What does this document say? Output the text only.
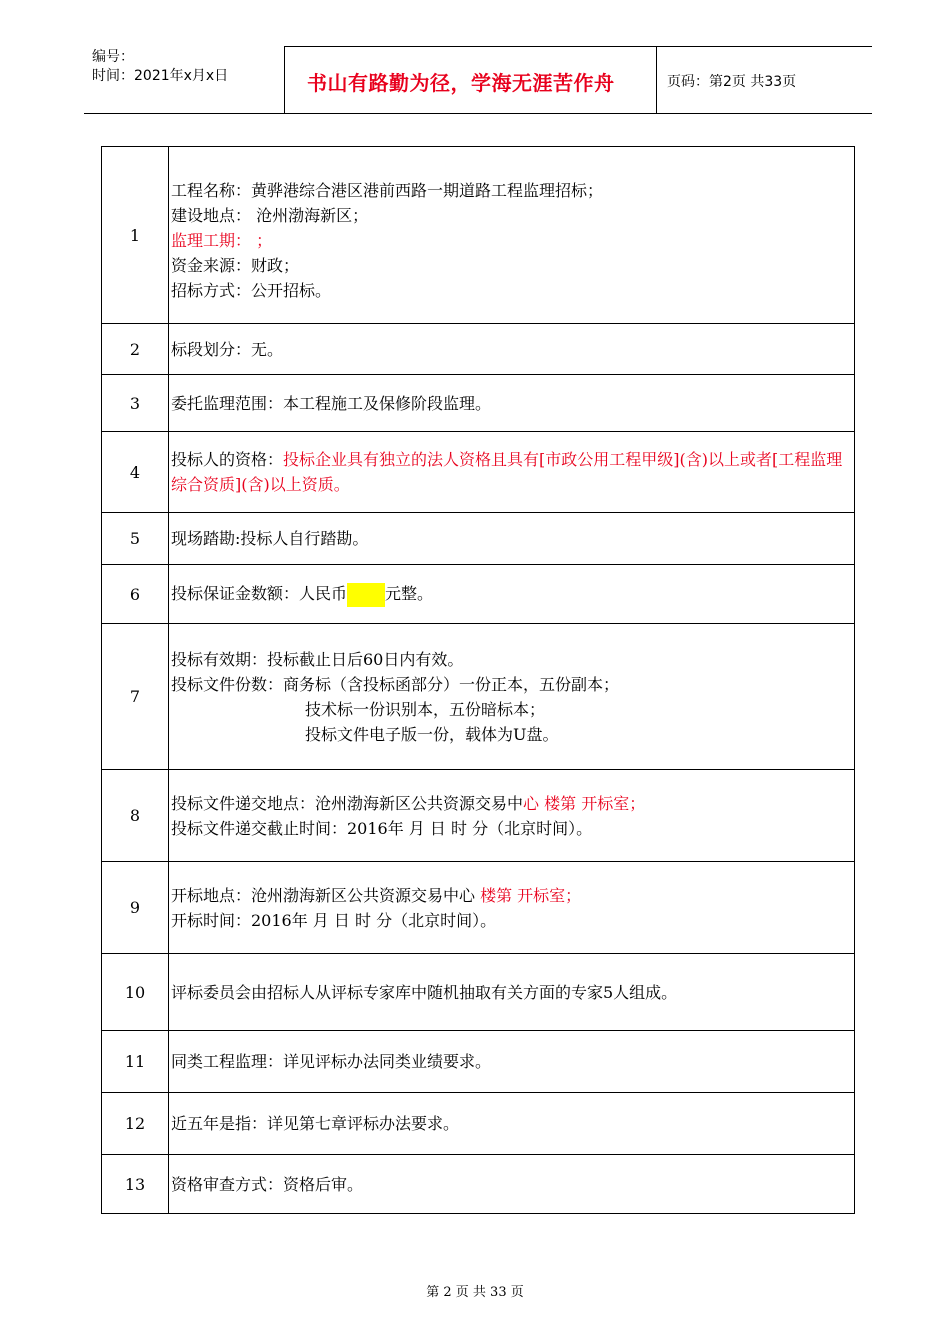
编号：
时间：2021年x月x日	书山有路勤为径，学海无涯苦作舟	页码：第2页 共33页
1	工程名称：黄骅港综合港区港前西路一期道路工程监理招标；
建设地点： 沧州渤海新区；
监理工期： ；
资金来源：财政；
招标方式：公开招标。

2	标段划分：无。
3	委托监理范围：本工程施工及保修阶段监理。
4	投标人的资格：投标企业具有独立的法人资格且具有[市政公用工程甲级](含)以上或者[工程监理综合资质](含)以上资质。
5	现场踏勘:投标人自行踏勘。
6	投标保证金数额：人民币 元整。
7	投标有效期：投标截止日后60日内有效。
投标文件份数：商务标（含投标函部分）一份正本，五份副本；
技术标一份识别本，五份暗标本；
投标文件电子版一份，载体为U盘。

8	投标文件递交地点：沧州渤海新区公共资源交易中心 楼第 开标室；
投标文件递交截止时间：2016年 月 日 时 分（北京时间）。

9	开标地点：沧州渤海新区公共资源交易中心 楼第 开标室；
开标时间：2016年 月 日 时 分（北京时间）。

10	评标委员会由招标人从评标专家库中随机抽取有关方面的专家5人组成。
11	同类工程监理：详见评标办法同类业绩要求。
12	近五年是指：详见第七章评标办法要求。
13	资格审查方式：资格后审。
第 2 页 共 33 页
